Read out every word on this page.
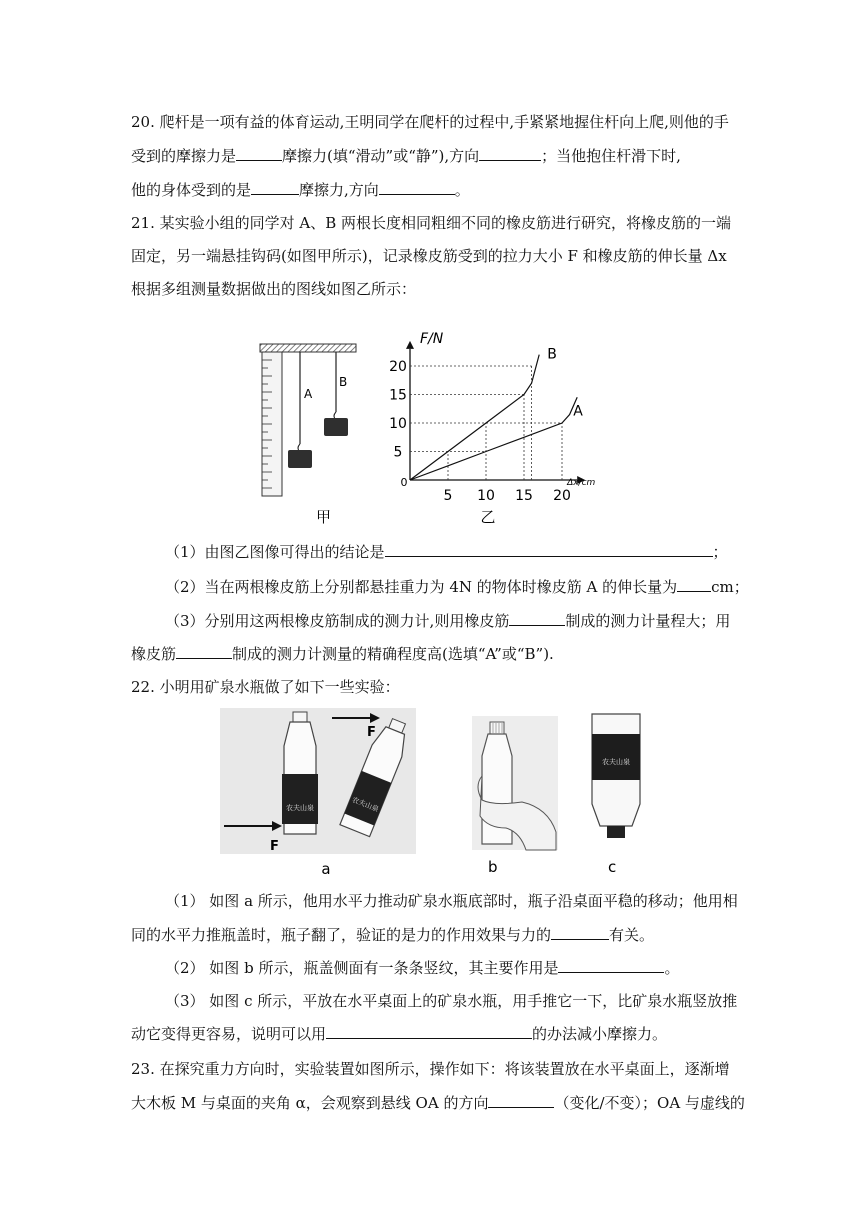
20. 爬杆是一项有益的体育运动,王明同学在爬杆的过程中,手紧紧地握住杆向上爬,则他的手
受到的摩擦力是	摩擦力(填“滑动”或“静”),方向	；当他抱住杆滑下时,
他的身体受到的是	摩擦力,方向	。
21. 某实验小组的同学对 A、B 两根长度相同粗细不同的橡皮筋进行研究，将橡皮筋的一端
固定，另一端悬挂钩码(如图甲所示)，记录橡皮筋受到的拉力大小 F 和橡皮筋的伸长量 Δx
根据多组测量数据做出的图线如图乙所示：
A
B
甲
F/N
Δx/cm
0
5
10
15
20
5 10 15 20
B
A
乙
（1）由图乙图像可得出的结论是	；
（2）当在两根橡皮筋上分别都悬挂重力为 4N 的物体时橡皮筋 A 的伸长量为 cm；
（3）分别用这两根橡皮筋制成的测力计,则用橡皮筋	制成的测力计量程大；用
橡皮筋	制成的测力计测量的精确程度高(选填“A”或“B”).
22. 小明用矿泉水瓶做了如下一些实验：
农夫山泉	农夫山泉
F
F
a	b
农夫山泉
c
（1） 如图 a 所示，他用水平力推动矿泉水瓶底部时，瓶子沿桌面平稳的移动；他用相
同的水平力推瓶盖时，瓶子翻了，验证的是力的作用效果与力的	有关。
（2） 如图 b 所示，瓶盖侧面有一条条竖纹，其主要作用是	。
（3） 如图 c 所示，平放在水平桌面上的矿泉水瓶，用手推它一下，比矿泉水瓶竖放推
动它变得更容易，说明可以用	的办法减小摩擦力。
23. 在探究重力方向时，实验装置如图所示，操作如下：将该装置放在水平桌面上，逐渐增
大木板 M 与桌面的夹角 α，会观察到悬线 OA 的方向	（变化/不变）；OA 与虚线的
